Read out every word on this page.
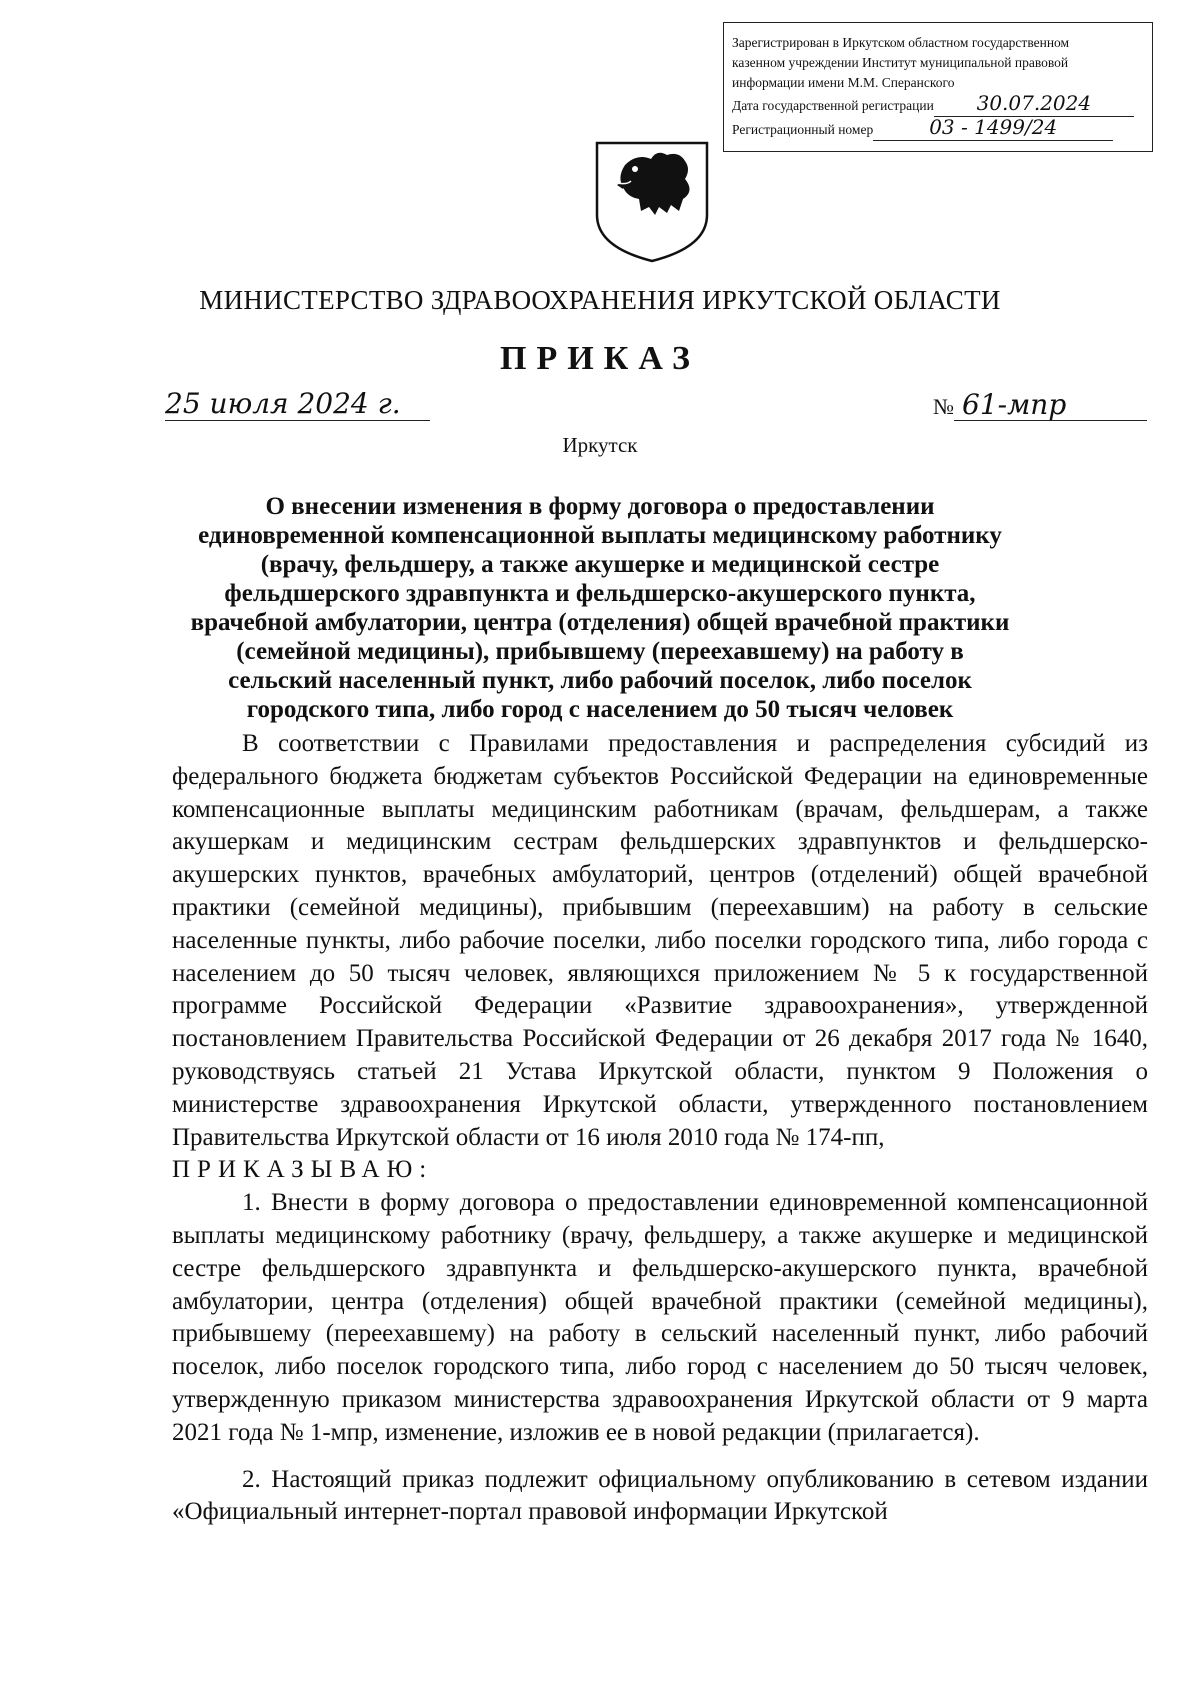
Зарегистрирован в Иркутском областном государственном
казенном учреждении Институт муниципальной правовой
информации имени М.М. Сперанского
Дата государственной регистрации 30.07.2024
Регистрационный номер	03 - 1499/24
МИНИСТЕРСТВО ЗДРАВООХРАНЕНИЯ ИРКУТСКОЙ ОБЛАСТИ
ПРИКАЗ
25 июля 2024 г.	№ 61-мпр
Иркутск
О внесении изменения в форму договора о предоставлении единовременной компенсационной выплаты медицинскому работнику (врачу, фельдшеру, а также акушерке и медицинской сестре фельдшерского здравпункта и фельдшерско-акушерского пункта, врачебной амбулатории, центра (отделения) общей врачебной практики (семейной медицины), прибывшему (переехавшему) на работу в сельский населенный пункт, либо рабочий поселок, либо поселок городского типа, либо город с населением до 50 тысяч человек

В соответствии с Правилами предоставления и распределения субсидий из федерального бюджета бюджетам субъектов Российской Федерации на единовременные компенсационные выплаты медицинским работникам (врачам, фельдшерам, а также акушеркам и медицинским сестрам фельдшерских здравпунктов и фельдшерско-акушерских пунктов, врачебных амбулаторий, центров (отделений) общей врачебной практики (семейной медицины), прибывшим (переехавшим) на работу в сельские населенные пункты, либо рабочие поселки, либо поселки городского типа, либо города с населением до 50 тысяч человек, являющихся приложением № 5 к государственной программе Российской Федерации «Развитие здравоохранения», утвержденной постановлением Правительства Российской Федерации от 26 декабря 2017 года № 1640, руководствуясь статьей 21 Устава Иркутской области, пунктом 9 Положения о министерстве здравоохранения Иркутской области, утвержденного постановлением Правительства Иркутской области от 16 июля 2010 года № 174-пп,

ПРИКАЗЫВАЮ:

1. Внести в форму договора о предоставлении единовременной компенсационной выплаты медицинскому работнику (врачу, фельдшеру, а также акушерке и медицинской сестре фельдшерского здравпункта и фельдшерско-акушерского пункта, врачебной амбулатории, центра (отделения) общей врачебной практики (семейной медицины), прибывшему (переехавшему) на работу в сельский населенный пункт, либо рабочий поселок, либо поселок городского типа, либо город с населением до 50 тысяч человек, утвержденную приказом министерства здравоохранения Иркутской области от 9 марта 2021 года № 1-мпр, изменение, изложив ее в новой редакции (прилагается).

2. Настоящий приказ подлежит официальному опубликованию в сетевом издании «Официальный интернет-портал правовой информации Иркутской
